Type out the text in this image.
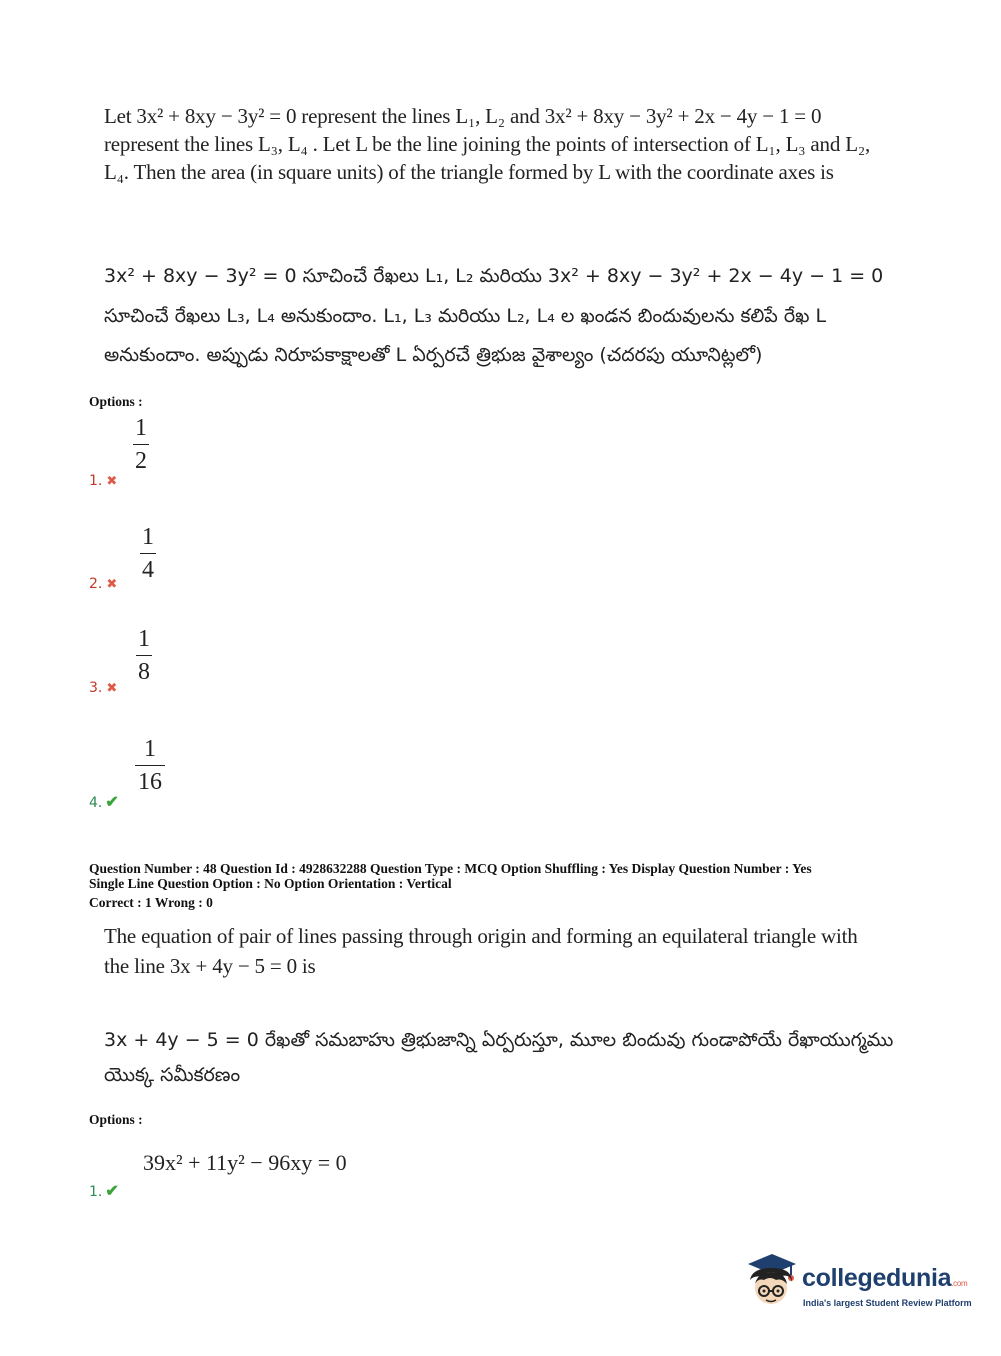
Let 3x² + 8xy − 3y² = 0 represent the lines L₁, L₂ and 3x² + 8xy − 3y² + 2x − 4y − 1 = 0 represent the lines L₃, L₄ . Let L be the line joining the points of intersection of L₁, L₃ and L₂, L₄. Then the area (in square units) of the triangle formed by L with the coordinate axes is
3x² + 8xy − 3y² = 0 సూచించే రేఖలు L₁, L₂ మరియు 3x² + 8xy − 3y² + 2x − 4y − 1 = 0
సూచించే రేఖలు L₃, L₄ అనుకుందాం. L₁, L₃ మరియు L₂, L₄ ల ఖండన బిందువులను కలిపే రేఖ L
అనుకుందాం. అప్పుడు నిరూపకాక్షాలతో L ఏర్పరచే త్రిభుజ వైశాల్యం (చదరపు యూనిట్లలో)
Options :
1
2
1. ✖
1
4
2. ✖
1
8
3. ✖
1
16
4. ✔
Question Number : 48 Question Id : 4928632288 Question Type : MCQ Option Shuffling : Yes Display Question Number : Yes
Single Line Question Option : No Option Orientation : Vertical
Correct : 1 Wrong : 0
The equation of pair of lines passing through origin and forming an equilateral triangle with
the line 3x + 4y − 5 = 0 is
3x + 4y − 5 = 0 రేఖతో సమబాహు త్రిభుజాన్ని ఏర్పరుస్తూ, మూల బిందువు గుండాపోయే రేఖాయుగ్మము
యొక్క సమీకరణం
Options :
39x² + 11y² − 96xy = 0
1. ✔
collegedunia.com
India's largest Student Review Platform
